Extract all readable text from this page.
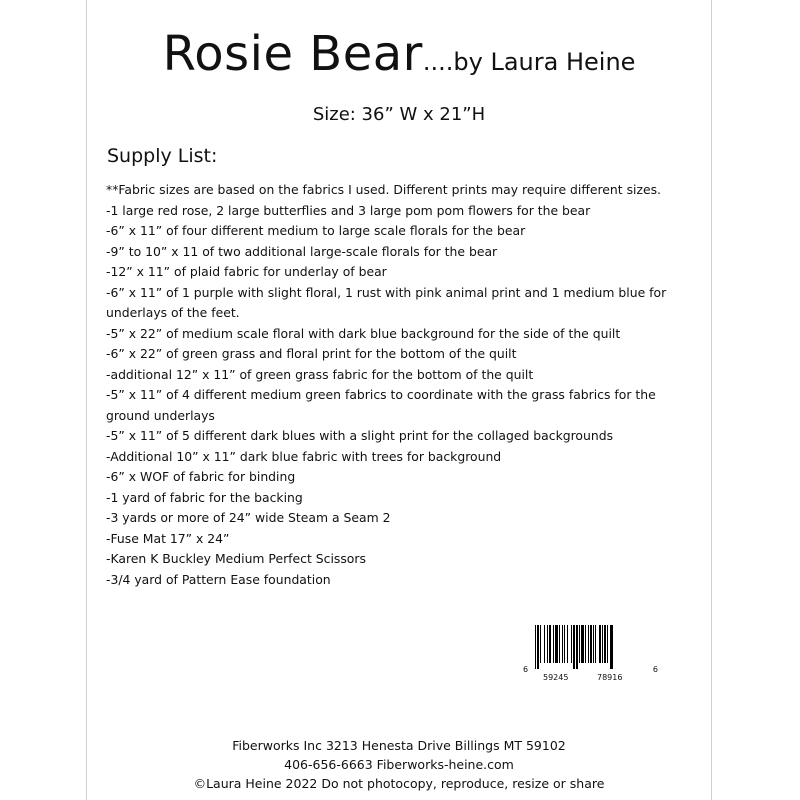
Rosie Bear....by Laura Heine
Size: 36” W x 21”H
Supply List:
**Fabric sizes are based on the fabrics I used. Different prints may require different sizes.
-1 large red rose, 2 large butterflies and 3 large pom pom flowers for the bear
-6” x 11” of four different medium to large scale florals for the bear
-9” to 10” x 11 of two additional large-scale florals for the bear
-12” x 11” of plaid fabric for underlay of bear
-6” x 11” of 1 purple with slight floral, 1 rust with pink animal print and 1 medium blue for underlays of the feet.
-5” x 22” of medium scale floral with dark blue background for the side of the quilt
-6” x 22” of green grass and floral print for the bottom of the quilt
-additional 12” x 11” of green grass fabric for the bottom of the quilt
-5” x 11” of 4 different medium green fabrics to coordinate with the grass fabrics for the ground underlays
-5” x 11” of 5 different dark blues with a slight print for the collaged backgrounds
-Additional 10” x 11” dark blue fabric with trees for background
-6” x WOF of fabric for binding
-1 yard of fabric for the backing
-3 yards or more of 24” wide Steam a Seam 2
-Fuse Mat 17” x 24”
-Karen K Buckley Medium Perfect Scissors
-3/4 yard of Pattern Ease foundation
6
59245	78916
6
Fiberworks Inc 3213 Henesta Drive Billings MT 59102
406-656-6663 Fiberworks-heine.com
©Laura Heine 2022 Do not photocopy, reproduce, resize or share
